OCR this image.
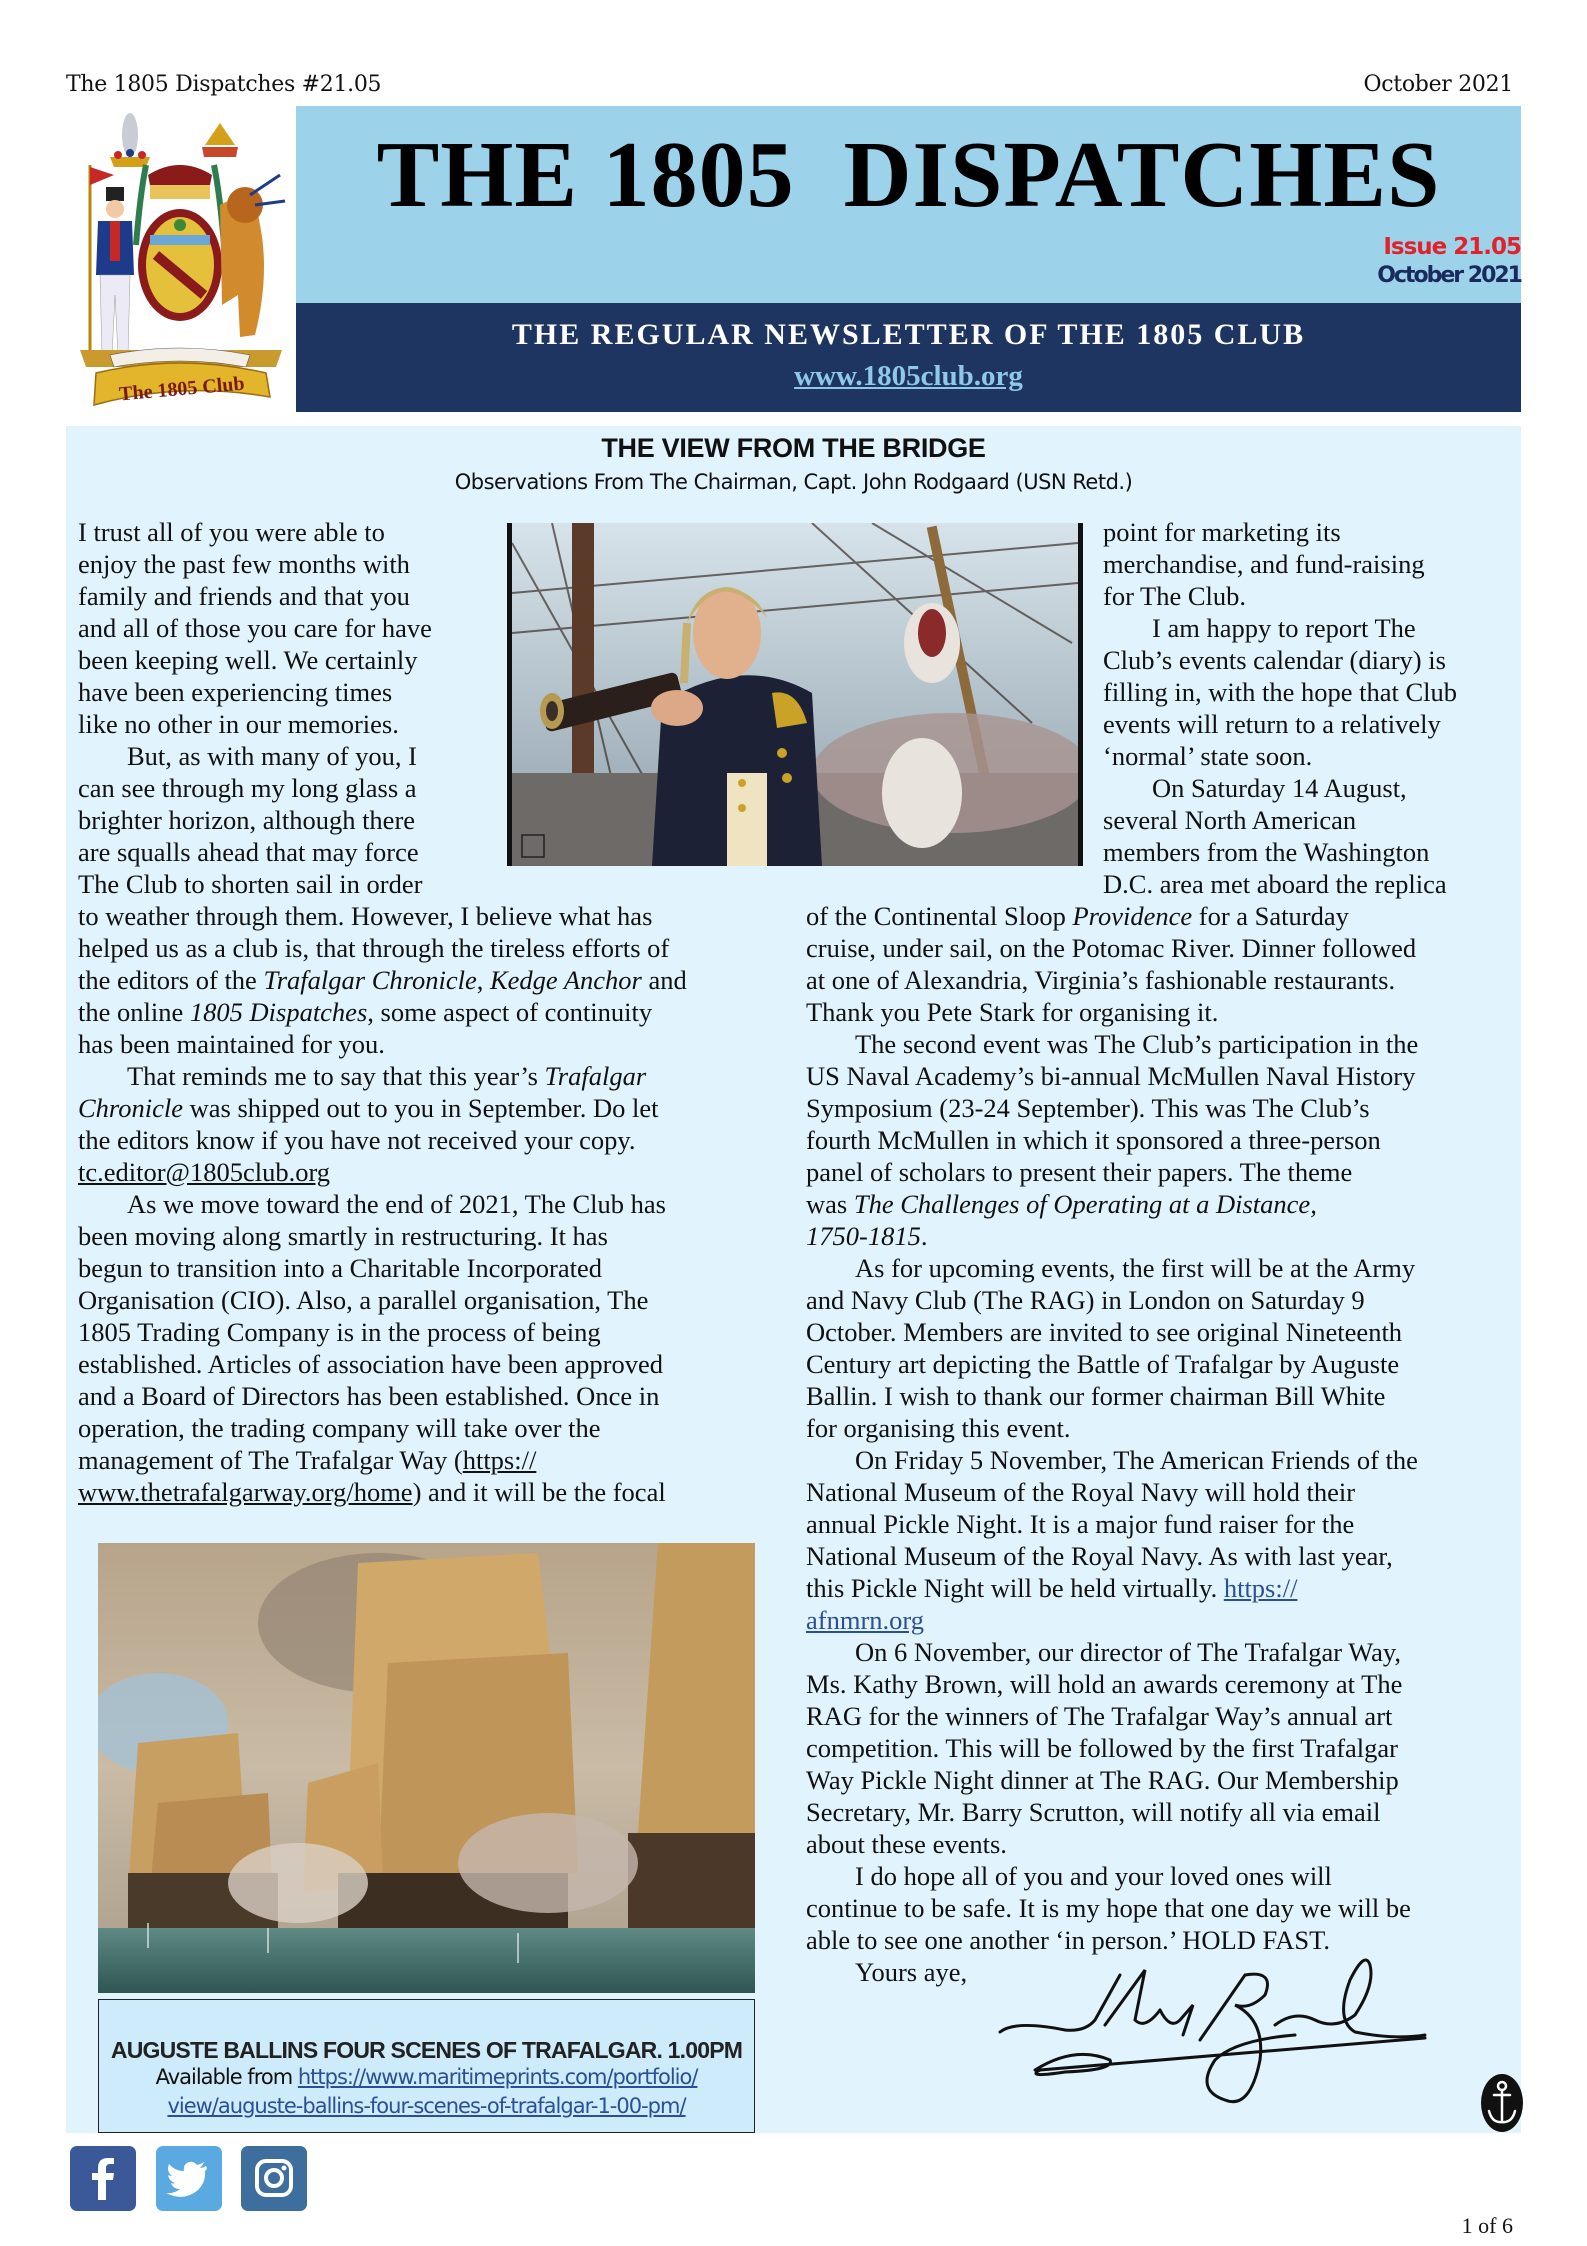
The 1805 Dispatches #21.05	October 2021
The 1805 Club
THE 1805  DISPATCHES
Issue 21.05
October 2021
THE REGULAR NEWSLETTER OF THE 1805 CLUB
www.1805club.org
THE VIEW FROM THE BRIDGE
Observations From The Chairman, Capt. John Rodgaard (USN Retd.)
I trust all of you were able to
enjoy the past few months with
family and friends and that you
and all of those you care for have
been keeping well. We certainly
have been experiencing times
like no other in our memories.
But, as with many of you, I
can see through my long glass a
brighter horizon, although there
are squalls ahead that may force
The Club to shorten sail in order
to weather through them. However, I believe what has
helped us as a club is, that through the tireless efforts of
the editors of the Trafalgar Chronicle, Kedge Anchor and
the online 1805 Dispatches, some aspect of continuity
has been maintained for you.
That reminds me to say that this year’s Trafalgar
Chronicle was shipped out to you in September. Do let
the editors know if you have not received your copy.
tc.editor@1805club.org
As we move toward the end of 2021, The Club has
been moving along smartly in restructuring. It has
begun to transition into a Charitable Incorporated
Organisation (CIO). Also, a parallel organisation, The
1805 Trading Company is in the process of being
established. Articles of association have been approved
and a Board of Directors has been established. Once in
operation, the trading company will take over the
management of The Trafalgar Way (https://
www.thetrafalgarway.org/home) and it will be the focal
point for marketing its
merchandise, and fund-raising
for The Club.
I am happy to report The
Club’s events calendar (diary) is
filling in, with the hope that Club
events will return to a relatively
‘normal’ state soon.
On Saturday 14 August,
several North American
members from the Washington
D.C. area met aboard the replica
of the Continental Sloop Providence for a Saturday
cruise, under sail, on the Potomac River. Dinner followed
at one of Alexandria, Virginia’s fashionable restaurants.
Thank you Pete Stark for organising it.
The second event was The Club’s participation in the
US Naval Academy’s bi-annual McMullen Naval History
Symposium (23-24 September). This was The Club’s
fourth McMullen in which it sponsored a three-person
panel of scholars to present their papers. The theme
was The Challenges of Operating at a Distance,
1750-1815.
As for upcoming events, the first will be at the Army
and Navy Club (The RAG) in London on Saturday 9
October. Members are invited to see original Nineteenth
Century art depicting the Battle of Trafalgar by Auguste
Ballin. I wish to thank our former chairman Bill White
for organising this event.
On Friday 5 November, The American Friends of the
National Museum of the Royal Navy will hold their
annual Pickle Night. It is a major fund raiser for the
National Museum of the Royal Navy. As with last year,
this Pickle Night will be held virtually. https://
afnmrn.org
On 6 November, our director of The Trafalgar Way,
Ms. Kathy Brown, will hold an awards ceremony at The
RAG for the winners of The Trafalgar Way’s annual art
competition. This will be followed by the first Trafalgar
Way Pickle Night dinner at The RAG. Our Membership
Secretary, Mr. Barry Scrutton, will notify all via email
about these events.
I do hope all of you and your loved ones will
continue to be safe. It is my hope that one day we will be
able to see one another ‘in person.’ HOLD FAST.
Yours aye,
AUGUSTE BALLINS FOUR SCENES OF TRAFALGAR. 1.00PM
Available from https://www.maritimeprints.com/portfolio/
view/auguste-ballins-four-scenes-of-trafalgar-1-00-pm/
1 of 6
